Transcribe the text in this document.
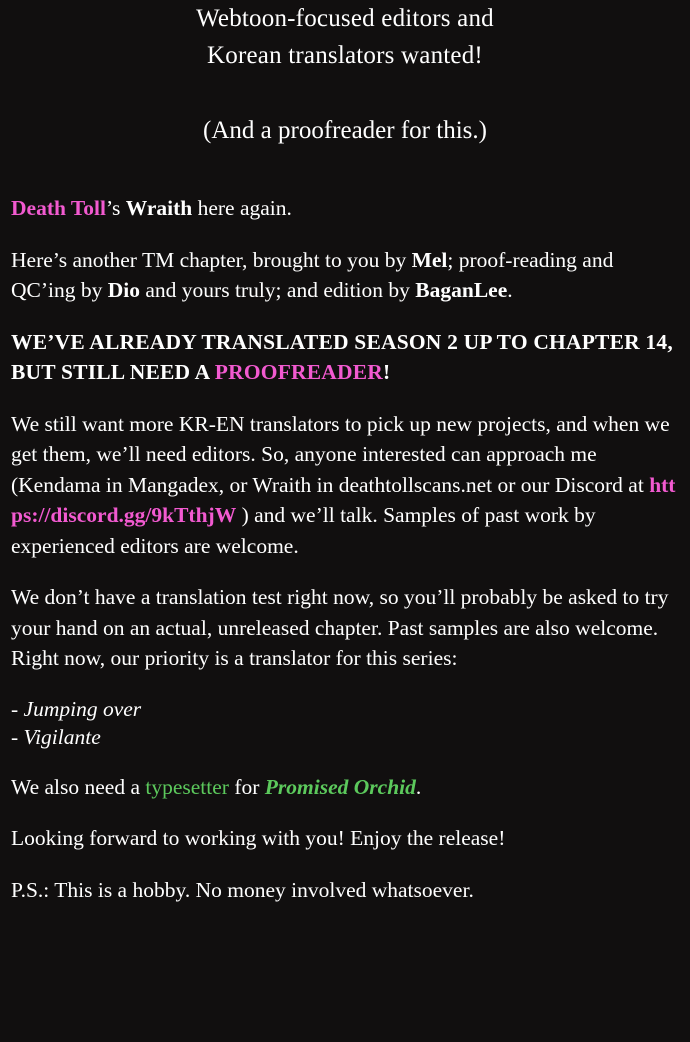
Webtoon-focused editors and
Korean translators wanted!
(And a proofreader for this.)

Death Toll’s Wraith here again.

Here’s another TM chapter, brought to you by Mel; proof-reading and QC’ing by Dio and yours truly; and edition by BaganLee.

WE’VE ALREADY TRANSLATED SEASON 2 UP TO CHAPTER 14, BUT STILL NEED A PROOFREADER!

We still want more KR-EN translators to pick up new projects, and when we get them, we’ll need editors. So, anyone interested can approach me (Kendama in Mangadex, or Wraith in deathtollscans.net or our Discord at https://discord.gg/9kTthjW ) and we’ll talk. Samples of past work by experienced editors are welcome.

We don’t have a translation test right now, so you’ll probably be asked to try your hand on an actual, unreleased chapter. Past samples are also welcome. Right now, our priority is a translator for this series:

- Jumping over

- Vigilante

We also need a typesetter for Promised Orchid.

Looking forward to working with you! Enjoy the release!

P.S.: This is a hobby. No money involved whatsoever.
